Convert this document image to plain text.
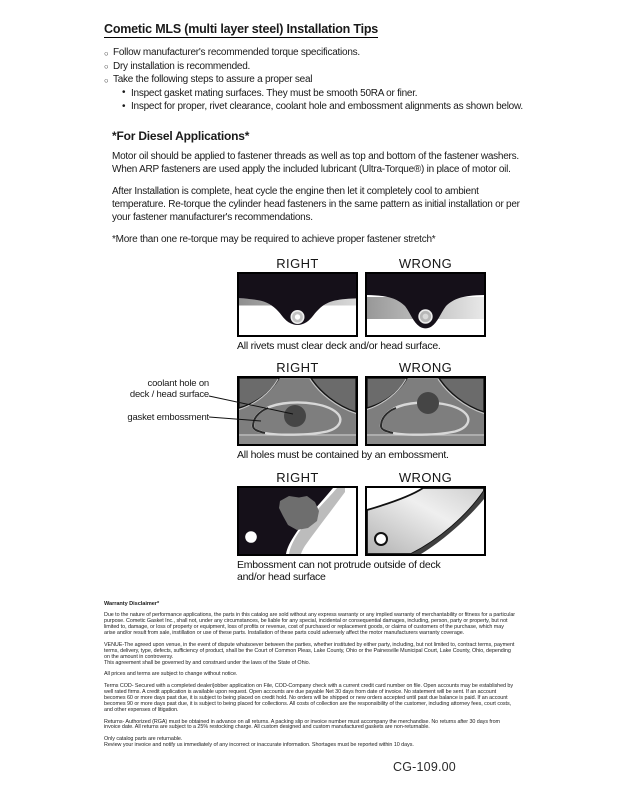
Cometic MLS (multi layer steel) Installation Tips
○ Follow manufacturer's recommended torque specifications.
○ Dry installation is recommended.
○ Take the following steps to assure a proper seal
• Inspect gasket mating surfaces. They must be smooth 50RA or finer.
• Inspect for proper, rivet clearance, coolant hole and embossment alignments as shown below.
*For Diesel Applications*

Motor oil should be applied to fastener threads as well as top and bottom of the fastener washers. When ARP fasteners are used apply the included lubricant (Ultra-Torque®) in place of motor oil.

After Installation is complete, heat cycle the engine then let it completely cool to ambient temperature. Re-torque the cylinder head fasteners in the same pattern as initial installation or per your fastener manufacturer's recommendations.

*More than one re-torque may be required to achieve proper fastener stretch*

RIGHT	WRONG
All rivets must clear deck and/or head surface.
coolant hole on
deck / head surface
gasket embossment
RIGHT	WRONG
All holes must be contained by an embossment.
RIGHT	WRONG
Embossment can not protrude outside of deck and/or head surface

Warranty Disclaimer*

Due to the nature of performance applications, the parts in this catalog are sold without any express warranty or any implied warranty of merchantability or fitness for a particular purpose. Cometic Gasket Inc., shall not, under any circumstances, be liable for any special, incidental or consequential damages, including, person, party or property, but not limited to, damage, or loss of property or equipment, loss of profits or revenue, cost of purchased or replacement goods, or claims of customers of the purchase, which may arise and/or result from sale, instillation or use of these parts. Installation of these parts could adversely affect the motor manufacturers warranty coverage.

VENUE-The agreed upon venue, in the event of dispute whatsoever between the parties, whether instituted by either party, including, but not limited to, contract terms, payment terms, delivery, type, defects, sufficiency of product, shall be the Court of Common Pleas, Lake County, Ohio or the Painesville Municipal Court, Lake County, Ohio, depending on the amount in controversy.

This agreement shall be governed by and construed under the laws of the State of Ohio.

All prices and terms are subject to change without notice.

Terms COD- Secured with a completed dealer/jobber application on File, COD-Company check with a current credit card number on file. Open accounts may be established by well rated firms. A credit application is available upon request. Open accounts are due payable Net 30 days from date of invoice. No statement will be sent. If an account becomes 60 or more days past due, it is subject to being placed on credit hold. No orders will be shipped or new orders accepted until past due balance is paid. If an account becomes 90 or more days past due, it is subject to being placed for collections. All costs of collection are the responsibility of the customer, including attorney fees, court costs, and other expenses of litigation.

Returns- Authorized (RGA) must be obtained in advance on all returns. A packing slip or invoice number must accompany the merchandise. No returns after 30 days from invoice date. All returns are subject to a 25% restocking charge. All custom designed and custom manufactured gaskets are non-returnable.

Only catalog parts are returnable.

Review your invoice and notify us immediately of any incorrect or inaccurate information. Shortages must be reported within 10 days.

CG-109.00
